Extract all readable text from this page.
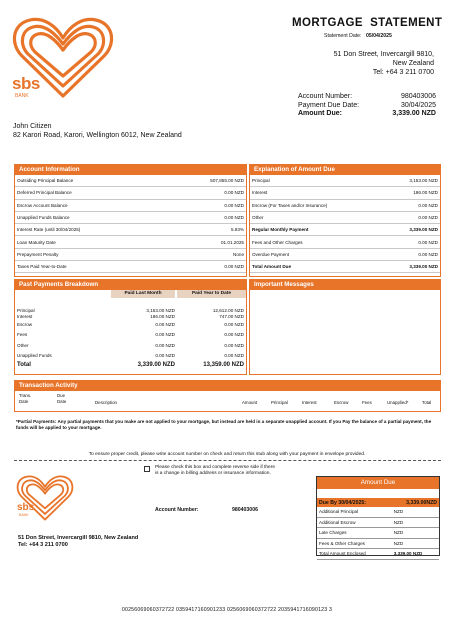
sbs
BANK
MORTGAGE  STATEMENT
Statement Date: 05/04/2025
51 Don Street, Invercargill 9810,
New Zealand
Tel: +64 3 211 0700
Account Number:	980403006
Payment Due Date:	30/04/2025
Amount Due:	3,339.00 NZD
John Citizen
82 Karori Road, Karori, Wellington 6012, New Zealand
Account Information
Outsiding Principal Balance	507,855.00 NZD
Deferred Principal Balance	0.00 NZD
Escrow Account Balance	0.00 NZD
Unapplied Funds Balance	0.00 NZD
Interest Rate (until 30/04/2025)	5.93%
Loan Maturity Date	01.01.2025
Prepayment Penalty	None
Taxes Paid Year-to-Date	0.00 NZD
Explanation of Amount Due
Principal	3,153.00 NZD
Interest	186.00 NZD
Escrow (For Taxes and/or Insurance)	0.00 NZD
Other	0.00 NZD
Regular Monthly Payment	3,339.00 NZD
Fees and Other Charges	0.00 NZD
Overdue Payment	0.00 NZD
Total Amount Due	3,339.00 NZD
Past Payments Breakdown
Paid Last Month	Paid Year to Date
Principal	3,153.00 NZD	12,612.00 NZD
Interest	186.00 NZD	747.00 NZD
Escrow	0.00 NZD	0.00 NZD
Fees	0.00 NZD	0.00 NZD
Other	0.00 NZD	0.00 NZD
Unapplied Funds	0.00 NZD	0.00 NZD
Total	3,339.00 NZD	13,359.00 NZD
Important Messages
Transaction Activity
Trans. Date
Due Date	Description	Amount	Principal	Interest	Escrow	Fees	Unapplied*	Total
*Partial Payments: Any partial payments that you make are not applied to your mortgage, but instead are held in a separate unapplied account. If you Pay the balance of a partial payment, the funds will be applied to your mortgage.
To ensure proper credit, please write account number on check and return this stub along with your payment in envelope provided.
sbs
BANK
Please check this box and complete reverse side if there
is a change in billing address or insurance information.
Account Number:	980403006
51 Don Street, Invercargill 9810, New Zealand
Tel: +64 3 211 0700
Amount Due
Due By 30/04/2025:	3,339.00NZD
Additional Principal	NZD
Additional Escrow	NZD
Late Charges	NZD
Fees & Other Charges	NZD
Total Amount Enclosed	3,339.00 NZD
00256069060372722 0359417160901233 0256069060372722 2035941716090123 3
